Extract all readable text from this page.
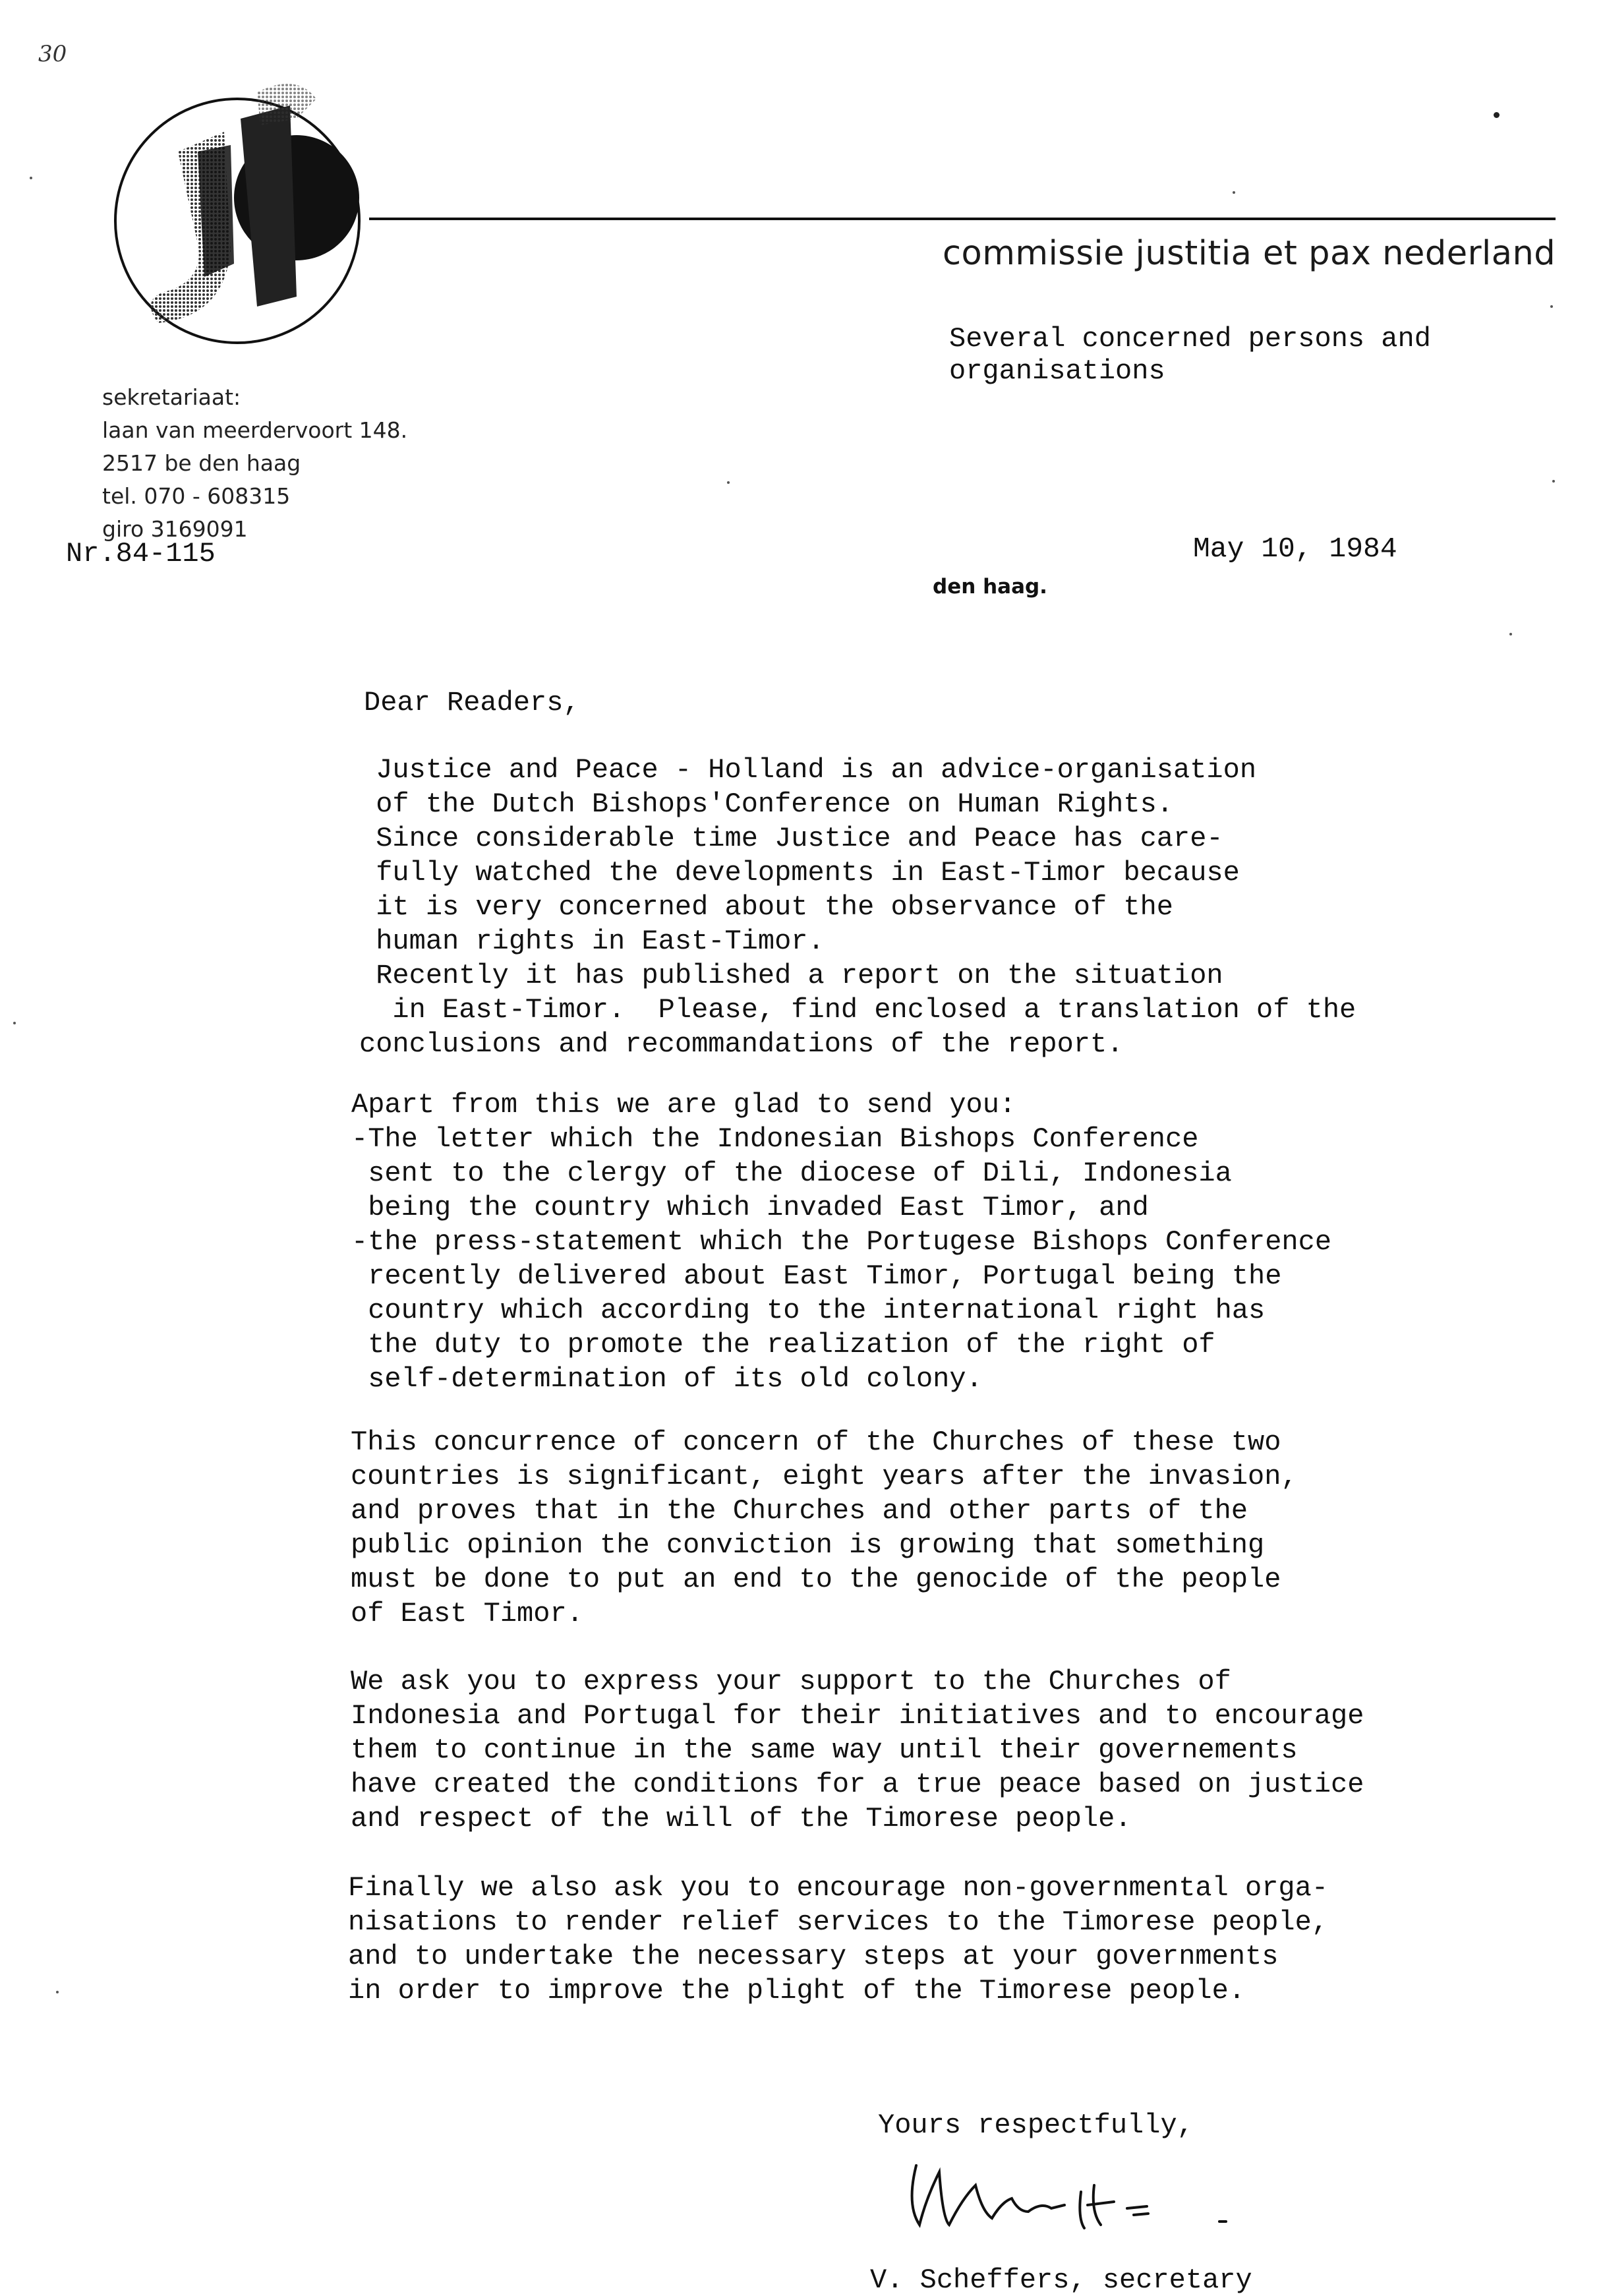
30
commissie justitia et pax nederland
Several concerned persons and
organisations
sekretariaat:
laan van meerdervoort 148.
2517 be den haag
tel. 070 - 608315
giro 3169091
Nr.84-115	May 10, 1984
den haag.
Dear Readers,
Justice and Peace - Holland is an advice-organisation
of the Dutch Bishops'Conference on Human Rights.
Since considerable time Justice and Peace has care-
fully watched the developments in East-Timor because
it is very concerned about the observance of the
human rights in East-Timor.
Recently it has published a report on the situation
in East-Timor.  Please, find enclosed a translation of the
conclusions and recommandations of the report.
Apart from this we are glad to send you:
-The letter which the Indonesian Bishops Conference
sent to the clergy of the diocese of Dili, Indonesia
being the country which invaded East Timor, and
-the press-statement which the Portugese Bishops Conference
recently delivered about East Timor, Portugal being the
country which according to the international right has
the duty to promote the realization of the right of
self-determination of its old colony.
This concurrence of concern of the Churches of these two
countries is significant, eight years after the invasion,
and proves that in the Churches and other parts of the
public opinion the conviction is growing that something
must be done to put an end to the genocide of the people
of East Timor.
We ask you to express your support to the Churches of
Indonesia and Portugal for their initiatives and to encourage
them to continue in the same way until their governements
have created the conditions for a true peace based on justice
and respect of the will of the Timorese people.
Finally we also ask you to encourage non-governmental orga-
nisations to render relief services to the Timorese people,
and to undertake the necessary steps at your governments
in order to improve the plight of the Timorese people.
Yours respectfully,
V. Scheffers, secretary
